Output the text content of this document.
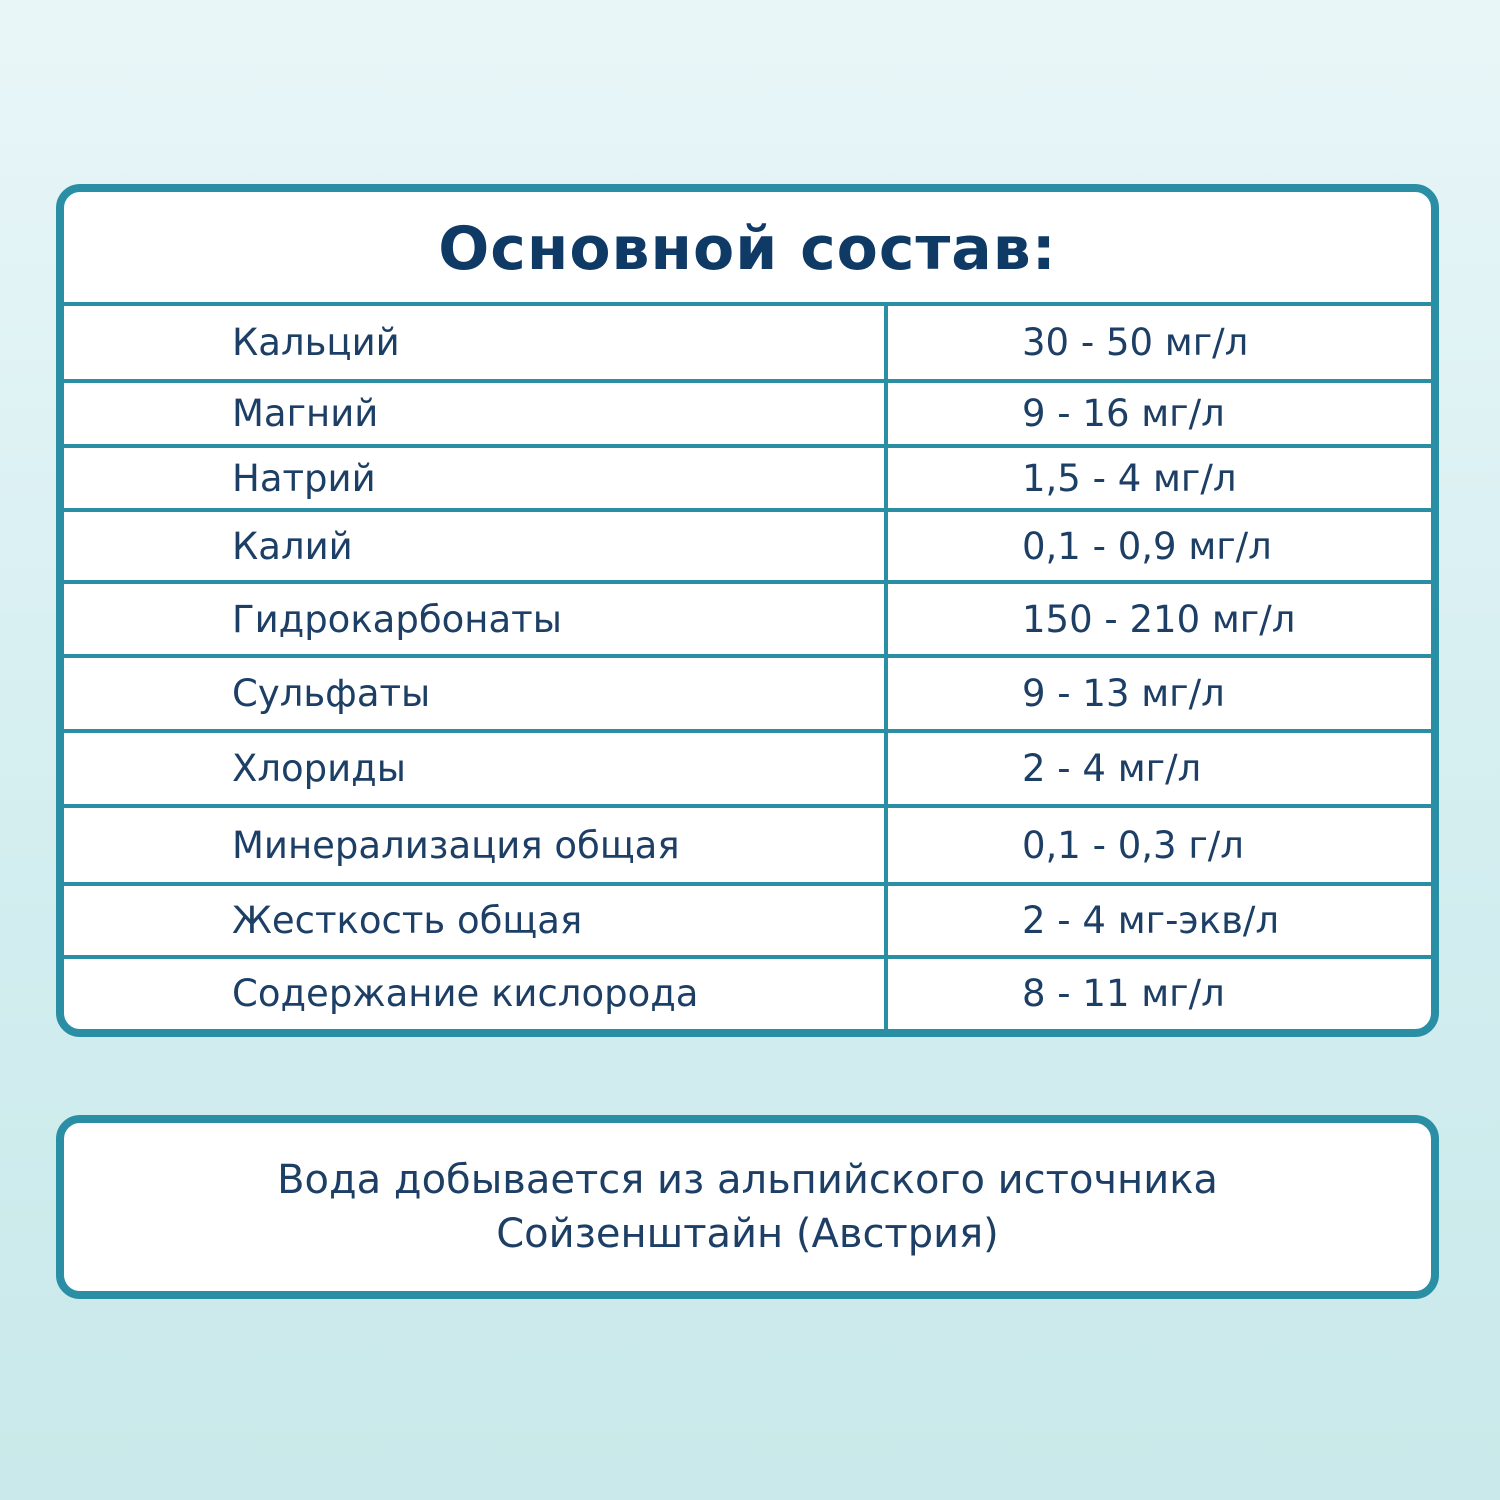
Основной состав:
Кальций	30 - 50 мг/л
Магний	9 - 16 мг/л
Натрий	1,5 - 4 мг/л
Калий	0,1 - 0,9 мг/л
Гидрокарбонаты	150 - 210 мг/л
Сульфаты	9 - 13 мг/л
Хлориды	2 - 4 мг/л
Минерализация общая	0,1 - 0,3 г/л
Жесткость общая	2 - 4 мг-экв/л
Содержание кислорода	8 - 11 мг/л
Вода добывается из альпийского источника
Сойзенштайн (Австрия)
